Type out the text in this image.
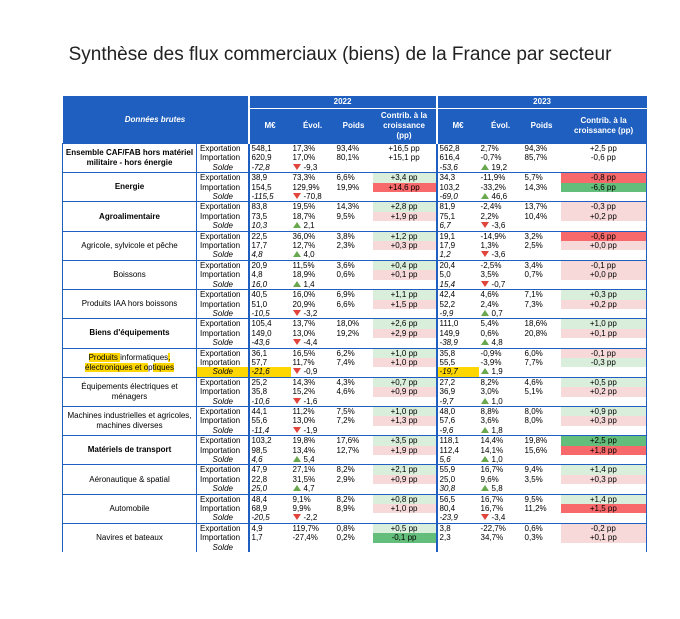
Synthèse des flux commerciaux (biens) de la France par secteur
Données brutes		2022				2023			
		M€	Évol.	Poids	Contrib. à la croissance (pp)	M€	Évol.	Poids	Contrib. à la croissance (pp)
Ensemble CAF/FAB hors matériel militaire - hors énergie	Exportation	548,1	17,3%	93,4%	+16,5 pp	562,8	2,7%	94,3%	+2,5 pp
	Importation	620,9	17,0%	80,1%	+15,1 pp	616,4	-0,7%	85,7%	-0,6 pp
	Solde	-72,8	-9,3			-53,6	19,2		
Energie	Exportation	38,9	73,3%	6,6%	+3,4 pp	34,3	-11,9%	5,7%	-0,8 pp
	Importation	154,5	129,9%	19,9%	+14,6 pp	103,2	-33,2%	14,3%	-6,6 pp
	Solde	-115,5	-70,8			-69,0	46,6		
Agroalimentaire	Exportation	83,8	19,5%	14,3%	+2,8 pp	81,9	-2,4%	13,7%	-0,3 pp
	Importation	73,5	18,7%	9,5%	+1,9 pp	75,1	2,2%	10,4%	+0,2 pp
	Solde	10,3	2,1			6,7	-3,6		
Agricole, sylvicole et pêche	Exportation	22,5	36,0%	3,8%	+1,2 pp	19,1	-14,9%	3,2%	-0,6 pp
	Importation	17,7	12,7%	2,3%	+0,3 pp	17,9	1,3%	2,5%	+0,0 pp
	Solde	4,8	4,0			1,2	-3,6		
Boissons	Exportation	20,9	11,5%	3,6%	+0,4 pp	20,4	-2,5%	3,4%	-0,1 pp
	Importation	4,8	18,9%	0,6%	+0,1 pp	5,0	3,5%	0,7%	+0,0 pp
	Solde	16,0	1,4			15,4	-0,7		
Produits IAA hors boissons	Exportation	40,5	16,0%	6,9%	+1,1 pp	42,4	4,6%	7,1%	+0,3 pp
	Importation	51,0	20,9%	6,6%	+1,5 pp	52,2	2,4%	7,3%	+0,2 pp
	Solde	-10,5	-3,2			-9,9	0,7		
Biens d'équipements	Exportation	105,4	13,7%	18,0%	+2,6 pp	111,0	5,4%	18,6%	+1,0 pp
	Importation	149,0	13,0%	19,2%	+2,9 pp	149,9	0,6%	20,8%	+0,1 pp
	Solde	-43,6	-4,4			-38,9	4,8		
Produits informatiques,
électroniques et optiques	Exportation	36,1	16,5%	6,2%	+1,0 pp	35,8	-0,9%	6,0%	-0,1 pp
	Importation	57,7	11,7%	7,4%	+1,0 pp	55,5	-3,9%	7,7%	-0,3 pp
	Solde	-21,6	-0,9			-19,7	1,9		
Équipements électriques et ménagers	Exportation	25,2	14,3%	4,3%	+0,7 pp	27,2	8,2%	4,6%	+0,5 pp
	Importation	35,8	15,2%	4,6%	+0,9 pp	36,9	3,0%	5,1%	+0,2 pp
	Solde	-10,6	-1,6			-9,7	1,0		
Machines industrielles et agricoles, machines diverses	Exportation	44,1	11,2%	7,5%	+1,0 pp	48,0	8,8%	8,0%	+0,9 pp
	Importation	55,6	13,0%	7,2%	+1,3 pp	57,6	3,6%	8,0%	+0,3 pp
	Solde	-11,4	-1,9			-9,6	1,8		
Matériels de transport	Exportation	103,2	19,8%	17,6%	+3,5 pp	118,1	14,4%	19,8%	+2,5 pp
	Importation	98,5	13,4%	12,7%	+1,9 pp	112,4	14,1%	15,6%	+1,8 pp
	Solde	4,6	5,4			5,6	1,0		
Aéronautique & spatial	Exportation	47,9	27,1%	8,2%	+2,1 pp	55,9	16,7%	9,4%	+1,4 pp
	Importation	22,8	31,5%	2,9%	+0,9 pp	25,0	9,6%	3,5%	+0,3 pp
	Solde	25,0	4,7			30,8	5,8		
Automobile	Exportation	48,4	9,1%	8,2%	+0,8 pp	56,5	16,7%	9,5%	+1,4 pp
	Importation	68,9	9,9%	8,9%	+1,0 pp	80,4	16,7%	11,2%	+1,5 pp
	Solde	-20,5	-2,2			-23,9	-3,4		
Navires et bateaux	Exportation	4,9	119,7%	0,8%	+0,5 pp	3,8	-22,7%	0,6%	-0,2 pp
	Importation	1,7	-27,4%	0,2%	-0,1 pp	2,3	34,7%	0,3%	+0,1 pp
	Solde								
